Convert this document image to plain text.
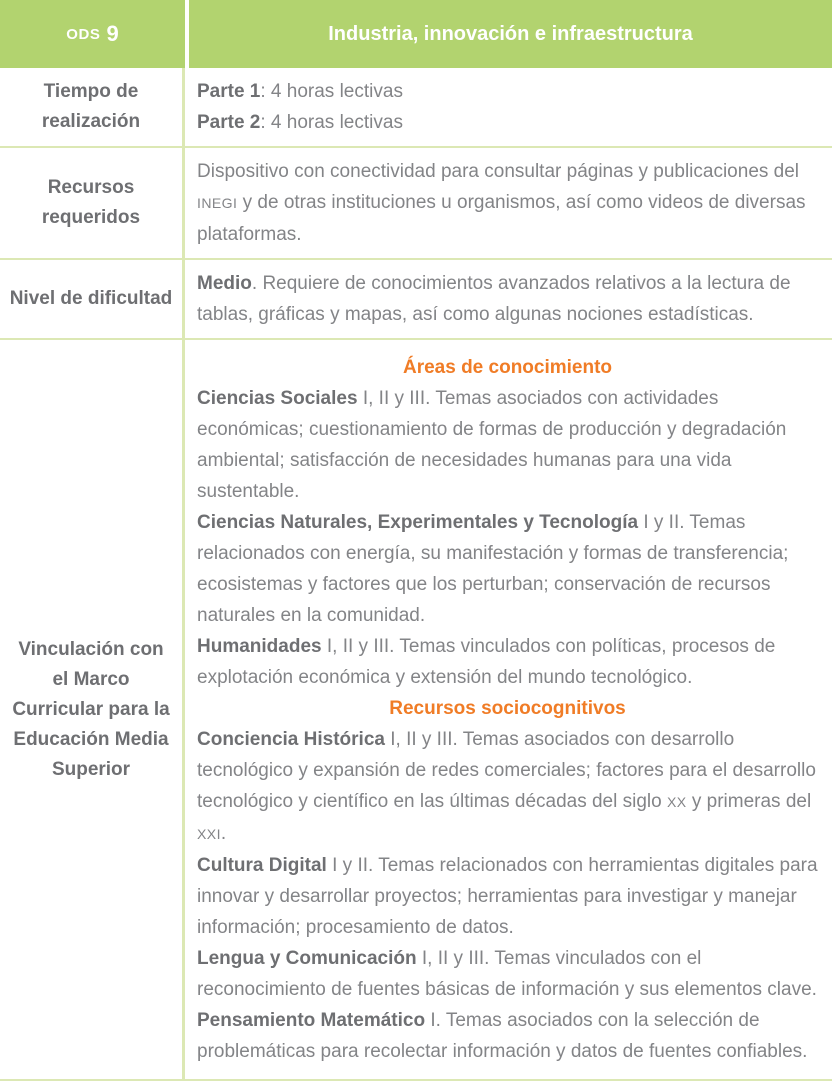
ODS 9	Industria, innovación e infraestructura
Tiempo de realización

Parte 1: 4 horas lectivas

Parte 2: 4 horas lectivas

Recursos requeridos

Dispositivo con conectividad para consultar páginas y publicaciones del INEGI y de otras instituciones u organismos, así como videos de diversas plataformas.

Nivel de dificultad

Medio. Requiere de conocimientos avanzados relativos a la lectura de tablas, gráficas y mapas, así como algunas nociones estadísticas.

Vinculación con el Marco Curricular para la Educación Media Superior

Áreas de conocimiento

Ciencias Sociales I, II y III. Temas asociados con actividades económicas; cuestionamiento de formas de producción y degradación ambiental; satisfacción de necesidades humanas para una vida sustentable.

Ciencias Naturales, Experimentales y Tecnología I y II. Temas relacionados con energía, su manifestación y formas de transferencia; ecosistemas y factores que los perturban; conservación de recursos naturales en la comunidad.

Humanidades I, II y III. Temas vinculados con políticas, procesos de explotación económica y extensión del mundo tecnológico.

Recursos sociocognitivos

Conciencia Histórica I, II y III. Temas asociados con desarrollo tecnológico y expansión de redes comerciales; factores para el desarrollo tecnológico y científico en las últimas décadas del siglo XX y primeras del XXI.

Cultura Digital I y II. Temas relacionados con herramientas digitales para innovar y desarrollar proyectos; herramientas para investigar y manejar información; procesamiento de datos.

Lengua y Comunicación I, II y III. Temas vinculados con el reconocimiento de fuentes básicas de información y sus elementos clave.

Pensamiento Matemático I. Temas asociados con la selección de problemáticas para recolectar información y datos de fuentes confiables.
